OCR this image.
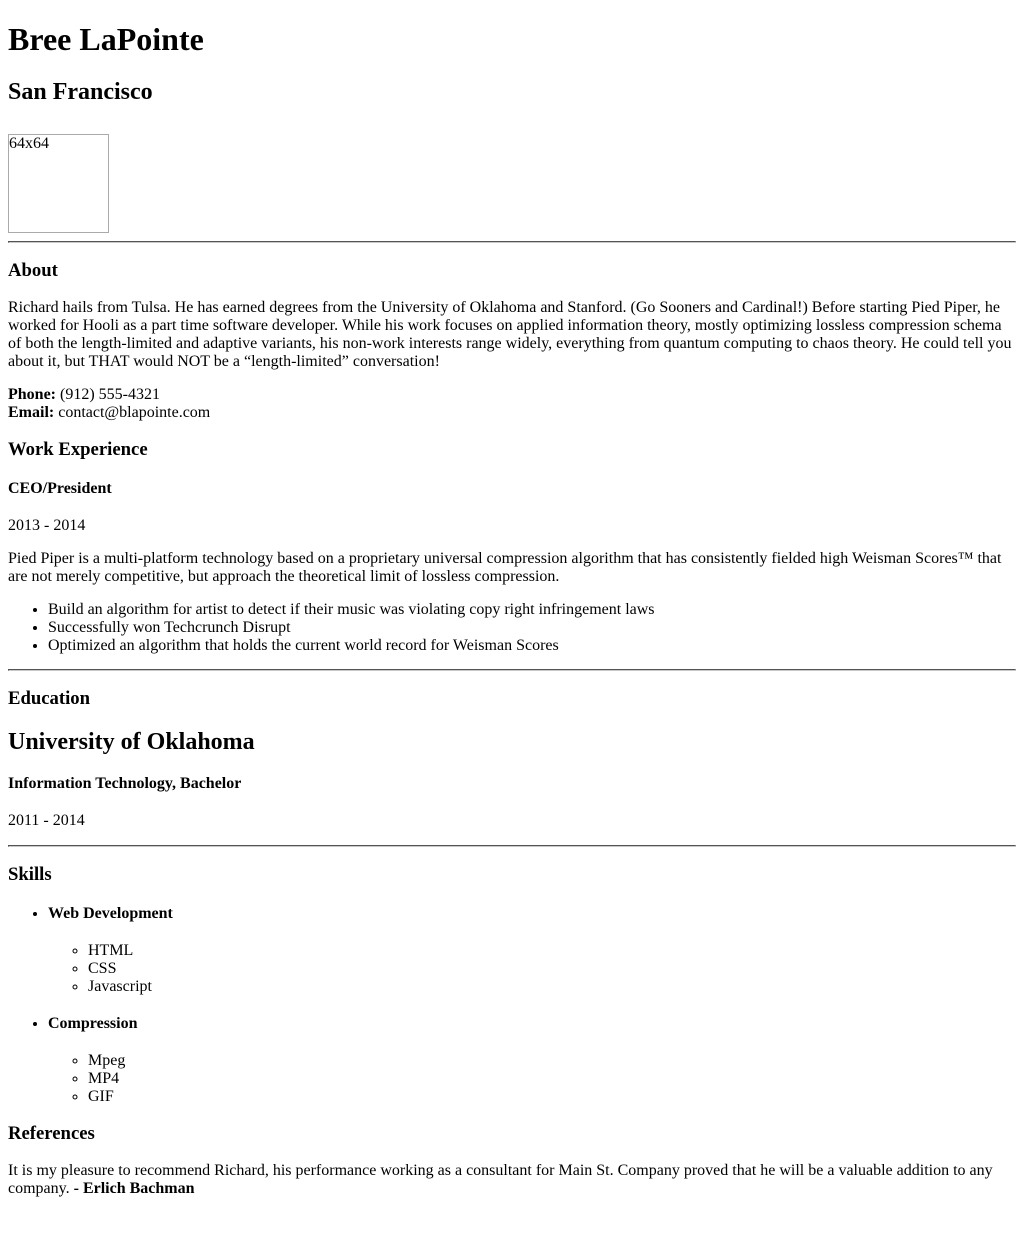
Bree LaPointe
San Francisco
64x64
About

Richard hails from Tulsa. He has earned degrees from the University of Oklahoma and Stanford. (Go Sooners and Cardinal!) Before starting Pied Piper, he worked for Hooli as a part time software developer. While his work focuses on applied information theory, mostly optimizing lossless compression schema of both the length-limited and adaptive variants, his non-work interests range widely, everything from quantum computing to chaos theory. He could tell you about it, but THAT would NOT be a “length-limited” conversation!

Phone: (912) 555-4321
Email: contact@blapointe.com

Work Experience
CEO/President

2013 - 2014

Pied Piper is a multi-platform technology based on a proprietary universal compression algorithm that has consistently fielded high Weisman Scores™ that are not merely competitive, but approach the theoretical limit of lossless compression.

• Build an algorithm for artist to detect if their music was violating copy right infringement laws
• Successfully won Techcrunch Disrupt
• Optimized an algorithm that holds the current world record for Weisman Scores
Education
University of Oklahoma
Information Technology, Bachelor

2011 - 2014

Skills
• Web Development
◦ HTML
◦ CSS
◦ Javascript
• Compression
◦ Mpeg
◦ MP4
◦ GIF
References

It is my pleasure to recommend Richard, his performance working as a consultant for Main St. Company proved that he will be a valuable addition to any company. - Erlich Bachman
